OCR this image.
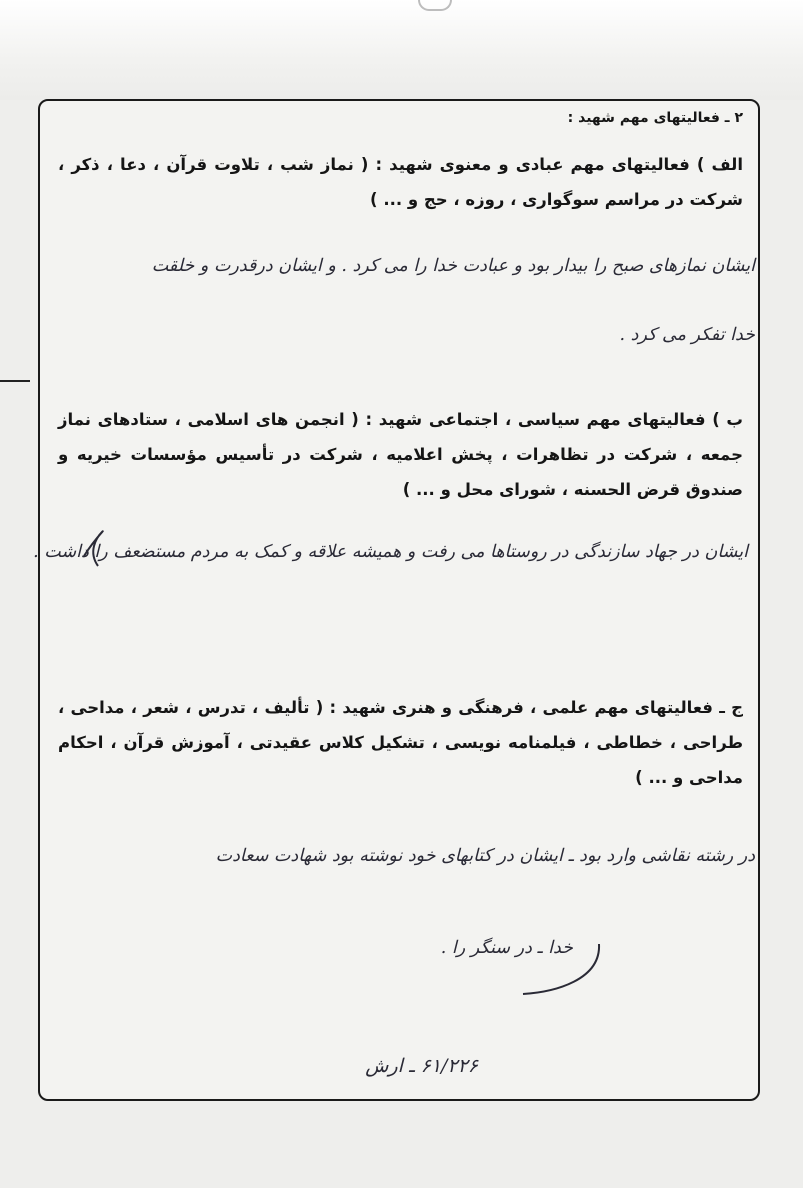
۲ ـ فعالیتهای مهم شهید :
الف ) فعالیتهای مهم عبادی و معنوی شهید : ( نماز شب ، تلاوت قرآن ، دعا ، ذکر ، شرکت در مراسم سوگواری ، روزه ، حج و ... )
ایشان نمازهای صبح را بیدار بود و عبادت خدا را می کرد . و ایشان درقدرت و خلقت
خدا تفکر می کرد .
ب ) فعالیتهای مهم سیاسی ، اجتماعی شهید : ( انجمن های اسلامی ، ستادهای نماز جمعه ، شرکت در تظاهرات ، پخش اعلامیه ، شرکت در تأسیس مؤسسات خیریه و صندوق قرض الحسنه ، شورای محل و ... )
ایشان در جهاد سازندگی در روستاها می رفت و همیشه علاقه و کمک به مردم مستضعف را داشت .
ج ـ فعالیتهای مهم علمی ، فرهنگی و هنری شهید : ( تألیف ، تدرس ، شعر ، مداحی ، طراحی ، خطاطی ، فیلمنامه نویسی ، تشکیل کلاس عقیدتی ، آموزش قرآن ، احکام مداحی و ... )
در رشته نقاشی وارد بود ـ ایشان در کتابهای خود نوشته بود شهادت سعادت
خدا ـ در سنگر را .
۶۱/۲۲۶ ـ ارش
